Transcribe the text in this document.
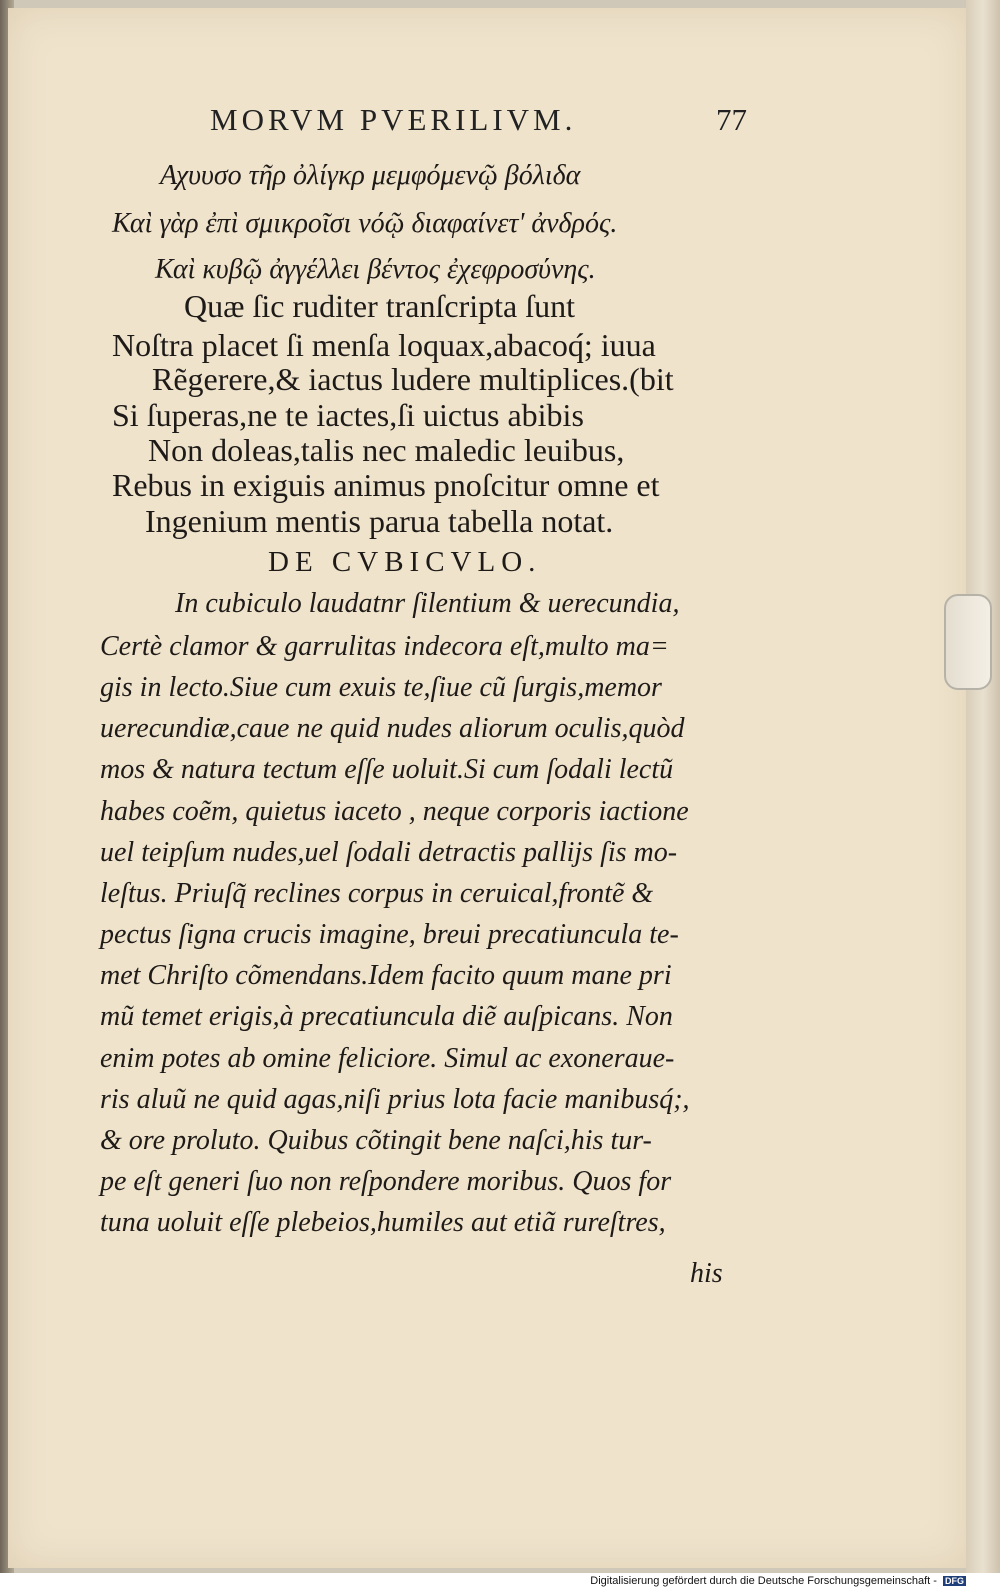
MORVM PVERILIVM.	77
Αχυυσο τῆρ ὀλίγκρ μεμφόμενῷ βόλιδα
Καὶ γὰρ ἐπὶ σμικροῖσι νόῷ διαφαίνετ' ἀνδρός.
Καὶ κυβῷ ἀγγέλλει βέντος ἐχεφροσύνης.
Quæ ſic ruditer tranſcripta ſunt
Noſtra placet ſi menſa loquax,abacoq́; iuua
Rẽgerere,& iactus ludere multiplices.(bit
Si ſuperas,ne te iactes,ſi uictus abibis
Non doleas,talis nec maledic leuibus,
Rebus in exiguis animus pnoſcitur omne et
Ingenium mentis parua tabella notat.
DE CVBICVLO.
In cubiculo laudatnr ſilentium & uerecundia,
Certè clamor & garrulitas indecora eſt,multo ma=
gis in lecto.Siue cum exuis te,ſiue cũ ſurgis,memor
uerecundiæ,caue ne quid nudes aliorum oculis,quòd
mos & natura tectum eſſe uoluit.Si cum ſodali lectũ
habes coẽm, quietus iaceto , neque corporis iactione
uel teipſum nudes,uel ſodali detractis pallijs ſis mo-
leſtus. Priuſq̃ reclines corpus in ceruical,frontẽ &
pectus ſigna crucis imagine, breui precatiuncula te-
met Chriſto cõmendans.Idem facito quum mane pri
mũ temet erigis,à precatiuncula diẽ auſpicans. Non
enim potes ab omine feliciore. Simul ac exoneraue-
ris aluũ ne quid agas,niſi prius lota facie manibusq́;,
& ore proluto. Quibus cõtingit bene naſci,his tur-
pe eſt generi ſuo non reſpondere moribus. Quos for
tuna uoluit eſſe plebeios,humiles aut etiã rureſtres,
his
Digitalisierung gefördert durch die Deutsche Forschungsgemeinschaft - DFG
